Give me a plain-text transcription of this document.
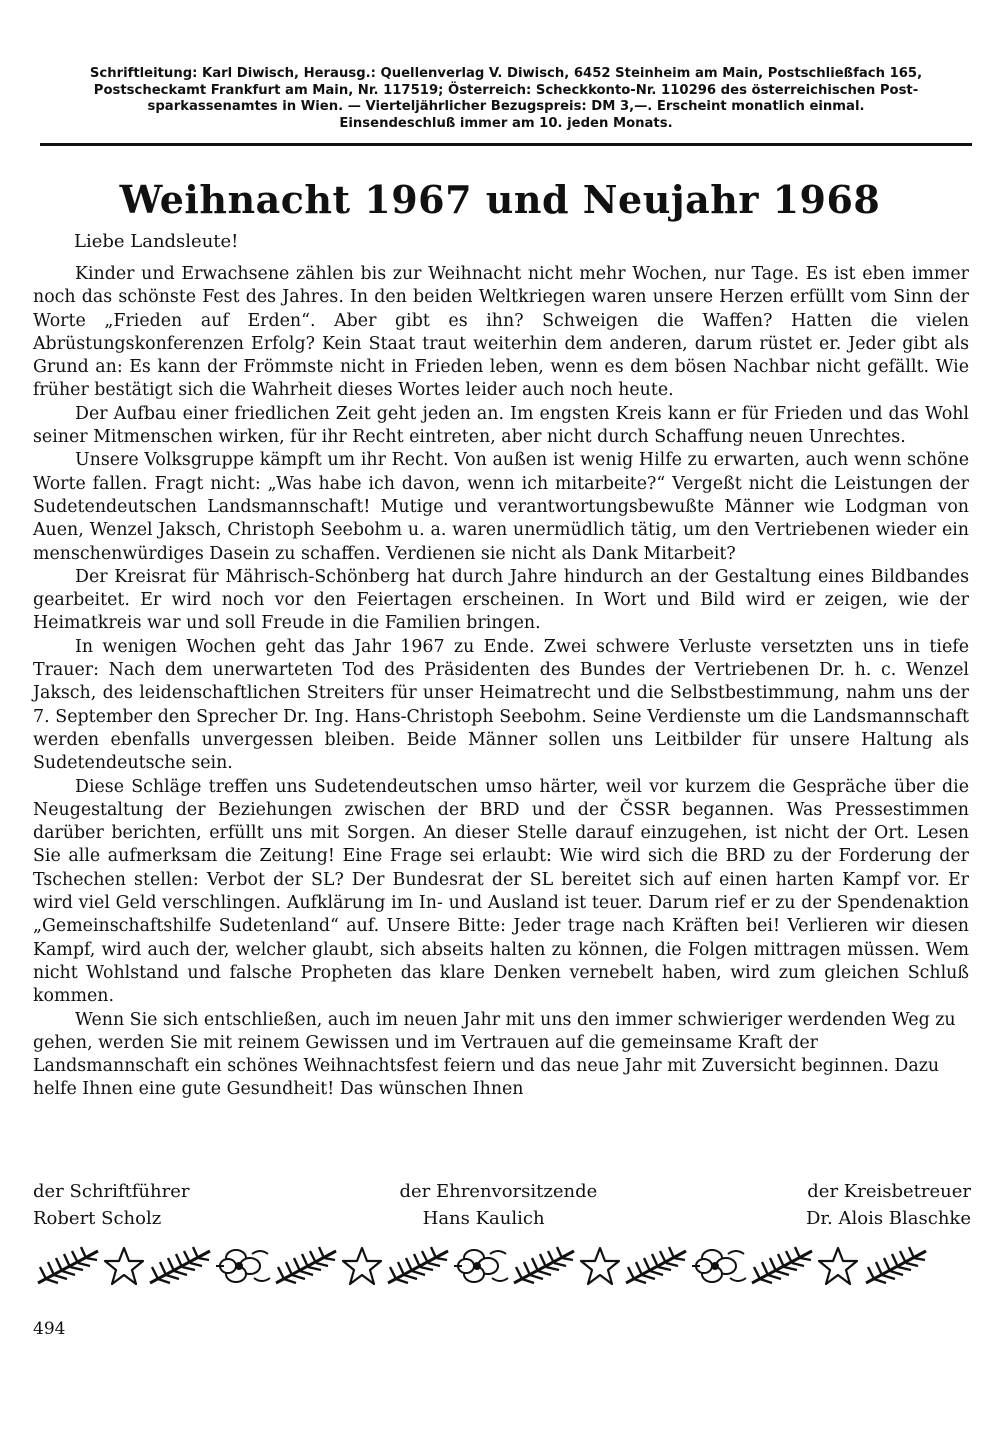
Schriftleitung: Karl Diwisch, Herausg.: Quellenverlag V. Diwisch, 6452 Steinheim am Main, Postschließfach 165,
Postscheckamt Frankfurt am Main, Nr. 117519; Österreich: Scheckkonto-Nr. 110296 des österreichischen Post-
sparkassenamtes in Wien. — Vierteljährlicher Bezugspreis: DM 3,—. Erscheint monatlich einmal.
Einsendeschluß immer am 10. jeden Monats.
Weihnacht 1967 und Neujahr 1968
Liebe Landsleute!

Kinder und Erwachsene zählen bis zur Weihnacht nicht mehr Wochen, nur Tage. Es ist eben immer noch das schönste Fest des Jahres. In den beiden Weltkriegen waren unsere Herzen erfüllt vom Sinn der Worte „Frieden auf Erden“. Aber gibt es ihn? Schweigen die Waffen? Hatten die vielen Abrüstungskonferenzen Erfolg? Kein Staat traut weiterhin dem anderen, darum rüstet er. Jeder gibt als Grund an: Es kann der Frömmste nicht in Frieden leben, wenn es dem bösen Nachbar nicht gefällt. Wie früher bestätigt sich die Wahrheit dieses Wortes leider auch noch heute.

Der Aufbau einer friedlichen Zeit geht jeden an. Im engsten Kreis kann er für Frieden und das Wohl seiner Mitmenschen wirken, für ihr Recht eintreten, aber nicht durch Schaffung neuen Unrechtes.

Unsere Volksgruppe kämpft um ihr Recht. Von außen ist wenig Hilfe zu erwarten, auch wenn schöne Worte fallen. Fragt nicht: „Was habe ich davon, wenn ich mitarbeite?“ Vergeßt nicht die Leistungen der Sudetendeutschen Landsmannschaft! Mutige und verantwortungsbewußte Männer wie Lodgman von Auen, Wenzel Jaksch, Christoph Seebohm u. a. waren unermüdlich tätig, um den Vertriebenen wieder ein menschenwürdiges Dasein zu schaffen. Verdienen sie nicht als Dank Mitarbeit?

Der Kreisrat für Mährisch-Schönberg hat durch Jahre hindurch an der Gestaltung eines Bildbandes gearbeitet. Er wird noch vor den Feiertagen erscheinen. In Wort und Bild wird er zeigen, wie der Heimatkreis war und soll Freude in die Familien bringen.

In wenigen Wochen geht das Jahr 1967 zu Ende. Zwei schwere Verluste versetzten uns in tiefe Trauer: Nach dem unerwarteten Tod des Präsidenten des Bundes der Vertriebenen Dr. h. c. Wenzel Jaksch, des leidenschaftlichen Streiters für unser Heimatrecht und die Selbstbestimmung, nahm uns der 7. September den Sprecher Dr. Ing. Hans-Christoph Seebohm. Seine Verdienste um die Landsmannschaft werden ebenfalls unvergessen bleiben. Beide Männer sollen uns Leitbilder für unsere Haltung als Sudetendeutsche sein.

Diese Schläge treffen uns Sudetendeutschen umso härter, weil vor kurzem die Gespräche über die Neugestaltung der Beziehungen zwischen der BRD und der ČSSR begannen. Was Pressestimmen darüber berichten, erfüllt uns mit Sorgen. An dieser Stelle darauf einzugehen, ist nicht der Ort. Lesen Sie alle aufmerksam die Zeitung! Eine Frage sei erlaubt: Wie wird sich die BRD zu der Forderung der Tschechen stellen: Verbot der SL? Der Bundesrat der SL bereitet sich auf einen harten Kampf vor. Er wird viel Geld verschlingen. Aufklärung im In- und Ausland ist teuer. Darum rief er zu der Spendenaktion „Gemeinschaftshilfe Sudetenland“ auf. Unsere Bitte: Jeder trage nach Kräften bei! Verlieren wir diesen Kampf, wird auch der, welcher glaubt, sich abseits halten zu können, die Folgen mittragen müssen. Wem nicht Wohlstand und falsche Propheten das klare Denken vernebelt haben, wird zum gleichen Schluß kommen.

Wenn Sie sich entschließen, auch im neuen Jahr mit uns den immer schwieriger werdenden Weg zu gehen, werden Sie mit reinem Gewissen und im Vertrauen auf die gemeinsame Kraft der Landsmannschaft ein schönes Weihnachtsfest feiern und das neue Jahr mit Zuversicht beginnen. Dazu helfe Ihnen eine gute Gesundheit! Das wünschen Ihnen

der Schriftführer	der Ehrenvorsitzende	der Kreisbetreuer
Robert Scholz	Hans Kaulich	Dr. Alois Blaschke
494
